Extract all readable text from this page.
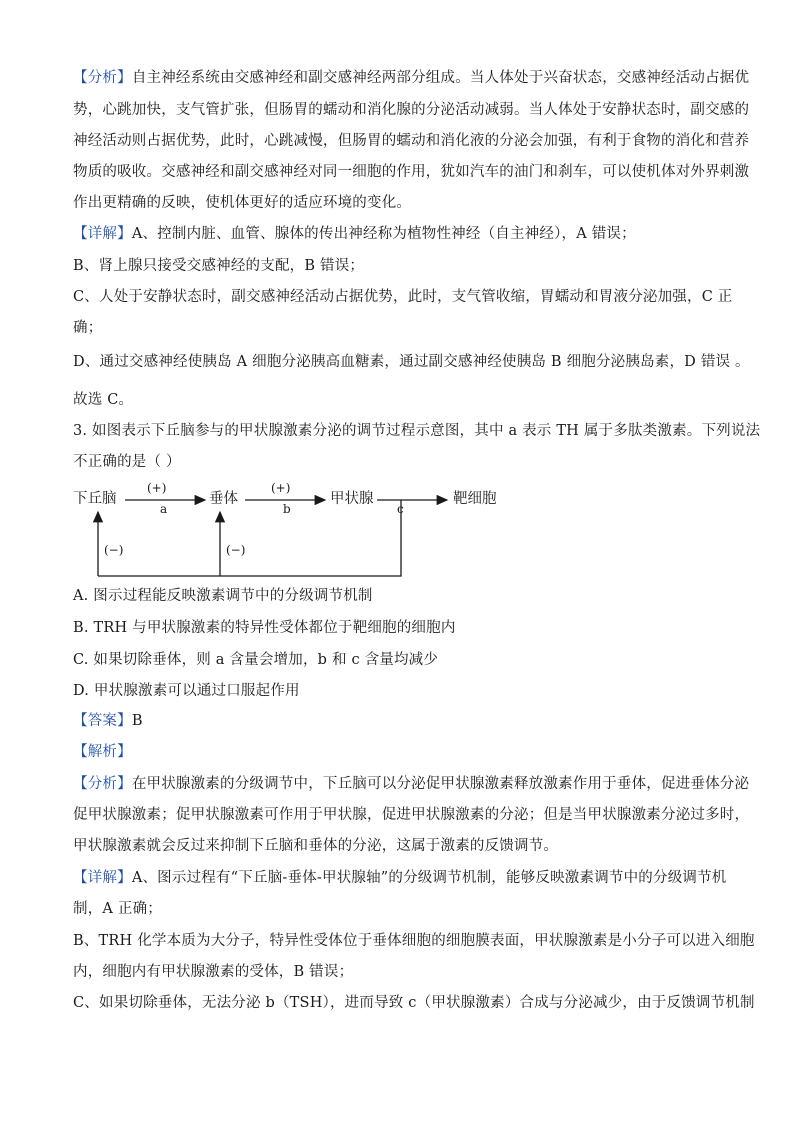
【分析】自主神经系统由交感神经和副交感神经两部分组成。当人体处于兴奋状态，交感神经活动占据优
势，心跳加快，支气管扩张，但肠胃的蠕动和消化腺的分泌活动减弱。当人体处于安静状态时，副交感的
神经活动则占据优势，此时，心跳减慢，但肠胃的蠕动和消化液的分泌会加强，有利于食物的消化和营养
物质的吸收。交感神经和副交感神经对同一细胞的作用，犹如汽车的油门和刹车，可以使机体对外界刺激
作出更精确的反映，使机体更好的适应环境的变化。
【详解】A、控制内脏、血管、腺体的传出神经称为植物性神经（自主神经），A 错误；
B、肾上腺只接受交感神经的支配，B 错误；
C、人处于安静状态时，副交感神经活动占据优势，此时，支气管收缩，胃蠕动和胃液分泌加强，C 正
确；
D、通过交感神经使胰岛 A 细胞分泌胰高血糖素，通过副交感神经使胰岛 B 细胞分泌胰岛素，D 错误 。
故选 C。
3. 如图表示下丘脑参与的甲状腺激素分泌的调节过程示意图，其中 a 表示 TH 属于多肽类激素。下列说法
不正确的是（ ）
下丘脑	垂体	甲状腺	靶细胞
(+)
a
(+)
b	c
(−)	(−)
A. 图示过程能反映激素调节中的分级调节机制
B. TRH 与甲状腺激素的特异性受体都位于靶细胞的细胞内
C. 如果切除垂体，则 a 含量会增加，b 和 c 含量均减少
D. 甲状腺激素可以通过口服起作用
【答案】B
【解析】
【分析】在甲状腺激素的分级调节中，下丘脑可以分泌促甲状腺激素释放激素作用于垂体，促进垂体分泌
促甲状腺激素；促甲状腺激素可作用于甲状腺，促进甲状腺激素的分泌；但是当甲状腺激素分泌过多时，
甲状腺激素就会反过来抑制下丘脑和垂体的分泌，这属于激素的反馈调节。
【详解】A、图示过程有“下丘脑-垂体-甲状腺轴”的分级调节机制，能够反映激素调节中的分级调节机
制，A 正确；
B、TRH 化学本质为大分子，特异性受体位于垂体细胞的细胞膜表面，甲状腺激素是小分子可以进入细胞
内，细胞内有甲状腺激素的受体，B 错误；
C、如果切除垂体，无法分泌 b（TSH），进而导致 c（甲状腺激素）合成与分泌减少，由于反馈调节机制
